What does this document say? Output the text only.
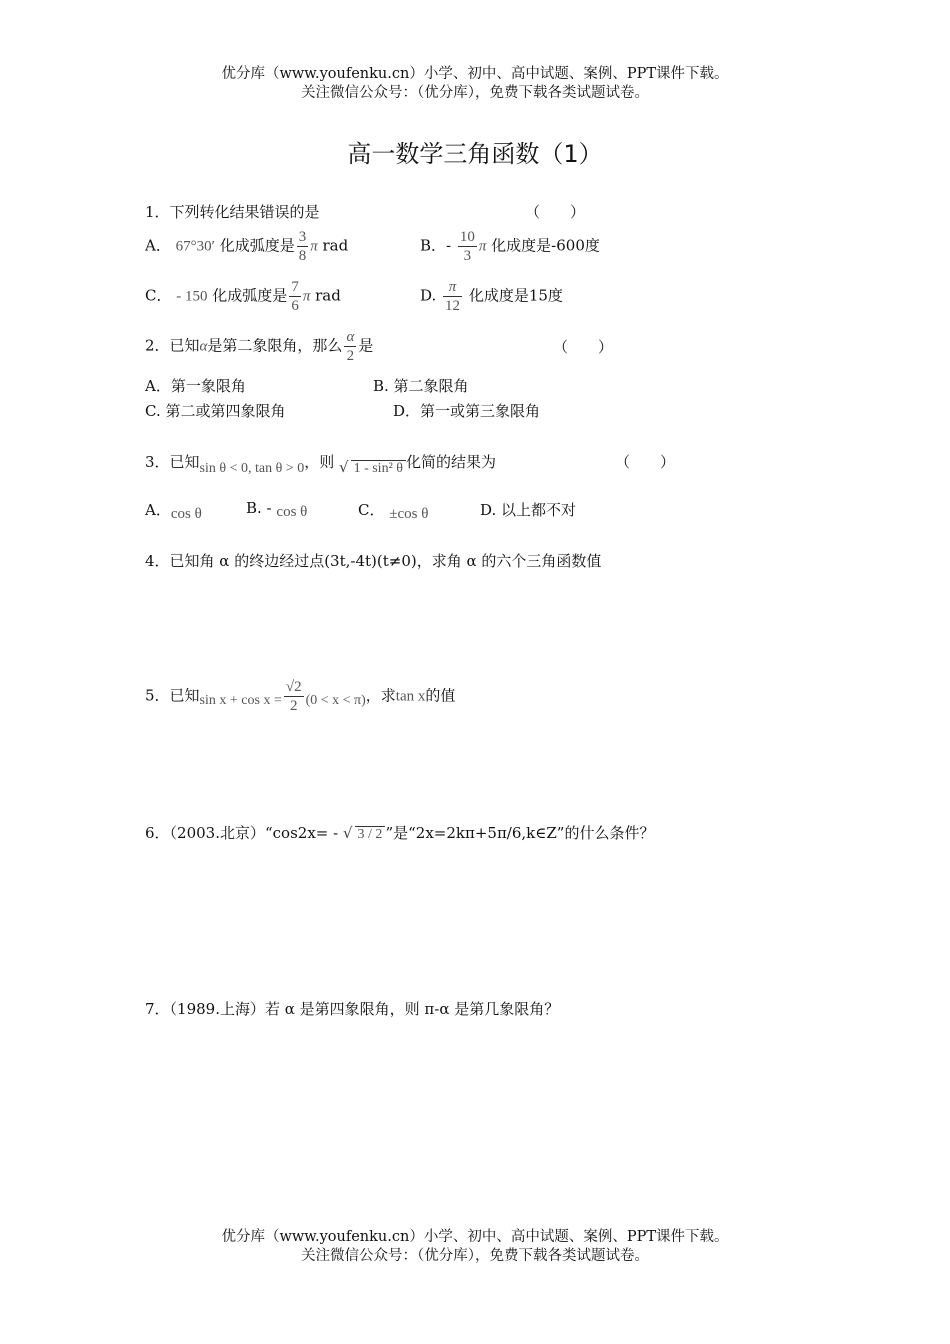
优分库（www.youfenku.cn）小学、初中、高中试题、案例、PPT课件下载。
关注微信公众号：（优分库），免费下载各类试题试卷。
高一数学三角函数（1）
1．下列转化结果错误的是	（　　）
A． 67°30′ 化成弧度是 $\frac{3}{8}$ π rad	B．- $\frac{10}{3}$ π 化成度是-600度
C． - 150 化成弧度是 $\frac{7}{6}$ π rad	D. $\frac{\pi}{12}$ 化成度是15度
2．已知α是第二象限角，那么 $\frac{\alpha}{2}$ 是	（　　）
A．第一象限角	B. 第二象限角
C. 第二或第四象限角	D．第一或第三象限角
3．已知sin θ < 0, tan θ > 0，则 √ 1 - sin² θ 化简的结果为	（　　）
A．cos θ	B. - cos θ	C． ±cos θ	D. 以上都不对
4．已知角 α 的终边经过点(3t,-4t)(t≠0)，求角 α 的六个三角函数值
5．已知$\sin x + \cos x = \frac{√2}{2} (0 < x < \pi)$，求tan x的值
6．（2003.北京）“cos2x= - √ 3 / 2 ”是“2x=2kπ+5π/6,k∈Z”的什么条件？
7．（1989.上海）若 α 是第四象限角，则 π-α 是第几象限角？
优分库（www.youfenku.cn）小学、初中、高中试题、案例、PPT课件下载。
关注微信公众号：（优分库），免费下载各类试题试卷。
